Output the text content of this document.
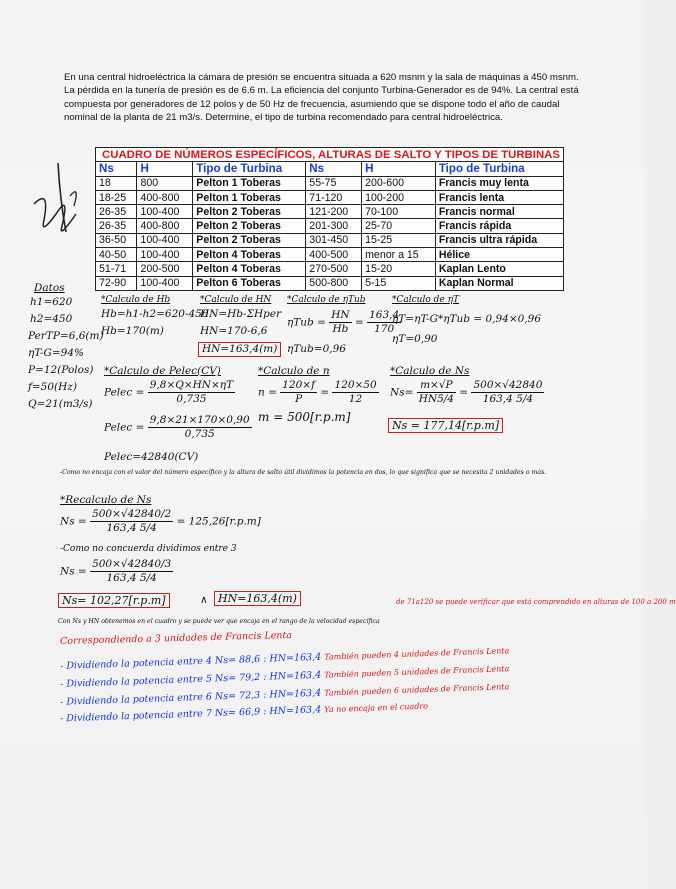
En una central hidroeléctrica la cámara de presión se encuentra situada a 620 msnm y la sala de máquinas a 450 msnm.
La pérdida en la tunería de presión es de 6.6 m. La eficiencia del conjunto Turbina-Generador es de 94%. La central está
compuesta por generadores de 12 polos y de 50 Hz de frecuencia, asumiendo que se dispone todo el año de caudal
nominal de la planta de 21 m3/s. Determine, el tipo de turbina recomendado para central hidroeléctrica.
CUADRO DE NÚMEROS ESPECÍFICOS, ALTURAS DE SALTO Y TIPOS DE TURBINAS					
Ns	H	Tipo de Turbina	Ns	H	Tipo de Turbina
18	800	Pelton 1 Toberas	55-75	200-600	Francis muy lenta
18-25	400-800	Pelton 1 Toberas	71-120	100-200	Francis lenta
26-35	100-400	Pelton 2 Toberas	121-200	70-100	Francis normal
26-35	400-800	Pelton 2 Toberas	201-300	25-70	Francis rápida
36-50	100-400	Pelton 2 Toberas	301-450	15-25	Francis ultra rápida
40-50	100-400	Pelton 4 Toberas	400-500	menor a 15	Hélice
51-71	200-500	Pelton 4 Toberas	270-500	15-20	Kaplan Lento
72-90	100-400	Pelton 6 Toberas	500-800	5-15	Kaplan Normal
Datos
h1=620
h2=450
PerTP=6,6(m)
ηT-G=94%
P=12(Polos)
f=50(Hz)
Q=21(m3/s)
*Calculo de Hb
Hb=h1-h2=620-450
Hb=170(m)
*Calculo de HN
HN=Hb-ΣHper
HN=170-6,6
HN=163,4(m)
*Calculo de ηTub
$\eta Tub = \frac{HN}{Hb} = \frac{163,4}{170}$
ηTub=0,96
*Calculo de ηT
ηT=ηT-G*ηTub = 0,94×0,96
ηT=0,90
*Calculo de Pelec(CV)
Pelec = $\frac{9,8\times Q\times HN\times\eta T}{0,735}$
Pelec = $\frac{9,8\times 21\times 170\times 0,90}{0,735}$
Pelec=42840(CV)
*Calculo de n
$n = \frac{120\times f}{P} = \frac{120\times 50}{12}$
m = 500[r.p.m]
*Calculo de Ns
$Ns= \frac{m\times√P}{HN5/4} = \frac{500\times√42840}{163,4 5/4}$
Ns = 177,14[r.p.m]
-Como no encaja con el valor del número específico y la altura de salto útil dividimos la potencia en dos, lo que significa que se necesita 2 unidades o más.
*Recalculo de Ns
$Ns = \frac{500\times√42840/2}{163,4 5/4} = 125,26[r.p.m]$
-Como no concuerda dividimos entre 3
$Ns = \frac{500\times√42840/3}{163,4 5/4}$
Ns= 102,27[r.p.m]	∧ HN=163,4(m)	de 71a120 se puede verificar que está comprendido en alturas de 100 a 200 m
Con Ns y HN obtenemos en el cuadro y se puede ver que encaja en el rango de la velocidad específica
Correspondiendo a 3 unidades de Francis Lenta
- Dividiendo la potencia entre 4 Ns= 88,6 : HN=163,4 También pueden 4 unidades de Francis Lenta
- Dividiendo la potencia entre 5 Ns= 79,2 : HN=163,4 También pueden 5 unidades de Francis Lenta
- Dividiendo la potencia entre 6 Ns= 72,3 : HN=163,4 También pueden 6 unidades de Francis Lenta
- Dividiendo la potencia entre 7 Ns= 66,9 : HN=163,4 Ya no encaja en el cuadro
